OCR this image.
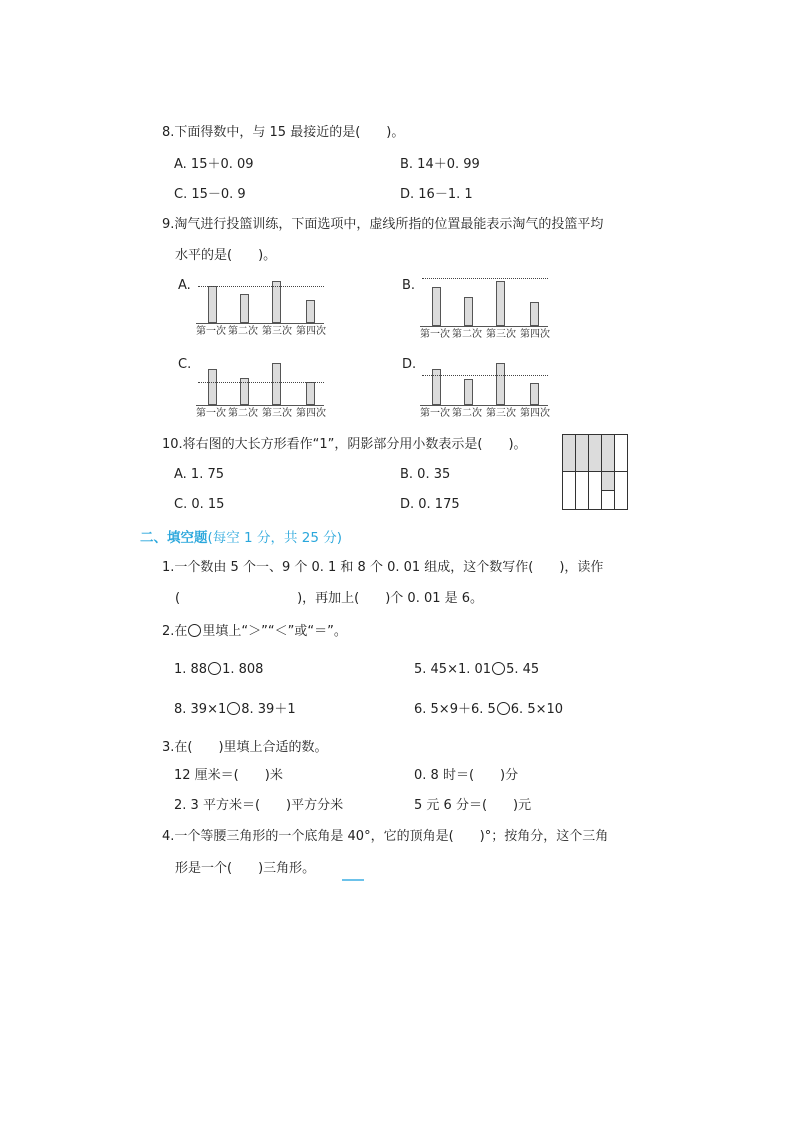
8.下面得数中，与 15 最接近的是(　　)。
A. 15＋0. 09	B. 14＋0. 99
C. 15－0. 9	D. 16－1. 1
9.淘气进行投篮训练，下面选项中，虚线所指的位置最能表示淘气的投篮平均
水平的是(　　)。
A.
第一次 第二次 第三次 第四次
B.
第一次 第二次 第三次 第四次
C.
第一次 第二次 第三次 第四次
D.
第一次 第二次 第三次 第四次
10.将右图的大长方形看作“1”，阴影部分用小数表示是(　　)。
A. 1. 75	B. 0. 35
C. 0. 15	D. 0. 175
二、填空题(每空 1 分，共 25 分)
1.一个数由 5 个一、9 个 0. 1 和 8 个 0. 01 组成，这个数写作(　　)，读作
(　　　　　　　　　)，再加上(　　)个 0. 01 是 6。
2.在 里填上“＞”“＜”或“＝”。
1. 88 1. 808	5. 45×1. 01 5. 45
8. 39×1 8. 39＋1	6. 5×9＋6. 5 6. 5×10
3.在(　　)里填上合适的数。
12 厘米＝(　　)米	0. 8 时＝(　　)分
2. 3 平方米＝(　　)平方分米	5 元 6 分＝(　　)元
4.一个等腰三角形的一个底角是 40°，它的顶角是(　　)°；按角分，这个三角
形是一个(　　)三角形。
